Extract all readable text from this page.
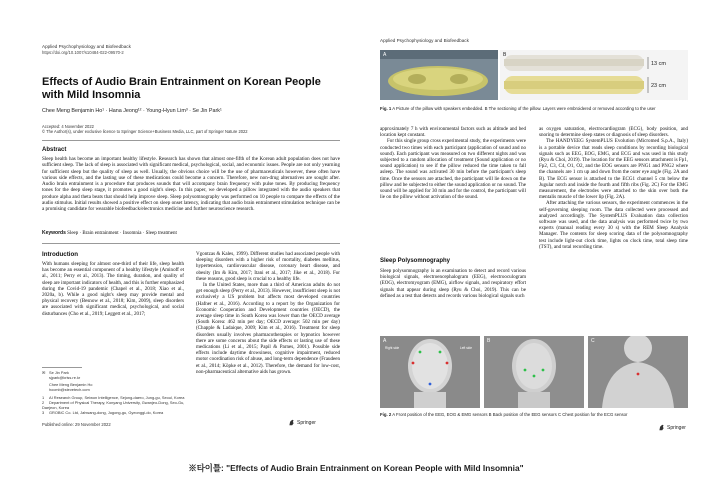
Applied Psychophysiology and Biofeedback
https://doi.org/10.1007/s10484-022-09570-2
Effects of Audio Brain Entrainment on Korean People with Mild Insomnia
Chee Meng Benjamin Ho¹ · Hana Jeong¹² · Young-Hyun Lim³ · Se Jin Park¹
Accepted: 4 November 2022
© The Author(s), under exclusive licence to Springer Science+Business Media, LLC, part of Springer Nature 2022
Abstract
Sleep health has become an important healthy lifestyle. Research has shown that almost one-fifth of the Korean adult population does not have sufficient sleep. The lack of sleep is associated with significant medical, psychological, social, and economic issues. People are not only yearning for sufficient sleep but the quality of sleep as well. Usually, the obvious choice will be the use of pharmaceuticals however, these often have various side effects, and the lasting use of these medications could become a concern. Therefore, new non-drug alternatives are sought after. Audio brain entrainment is a procedure that produces sounds that will accompany brain frequency with pulse tones. By producing frequency tones for the deep sleep stage, it promotes a good night's sleep. In this paper, we developed a pillow integrated with the audio speakers that produce alpha and theta beats that should help improve sleep. Sleep polysomnography was performed on 10 people to compare the effects of the audio stimulus. Initial results showed a positive effect on sleep onset latency, indicating that audio brain entrainment stimulation technique can be a promising candidate for wearable biofeedback/electronics medicine and further neuroscience research.
Keywords Sleep · Brain entrainment · Insomnia · Sleep treatment
Introduction

With humans sleeping for almost one-third of their life, sleep health has become an essential component of a healthy lifestyle (Aminoff et al., 2011; Perry et al., 2013). The timing, duration, and quality of sleep are important indicators of health, and this is further emphasized during the Covid-19 pandemic (Chapel et al., 2018; Xiao et al., 2020a, b). While a good night's sleep may provide mental and physical recovery (Besnow et al., 2018; Kim, 2009), sleep disorders are associated with significant medical, psychological, and social disturbances (Cho et al., 2019; Leggett et al., 2017;

Vgontzas & Kales, 1999). Different studies had associated people with sleeping disorders with a higher risk of mortality, diabetes mellitus, hypertension, cardiovascular disease, coronary heart disease, and obesity (Im & Kim, 2017; Itani et al., 2017; Jike et al., 2018). For these reasons, good sleep is crucial to a healthy life.

In the United States, more than a third of American adults do not get enough sleep (Perry et al., 2013). However, insufficient sleep is not exclusively a US problem but affects most developed countries (Hafner et al., 2016). According to a report by the Organization for Economic Cooperation and Development countries (OECD), the average sleep time in South Korea was lower than the OECD average (South Korea: 462 min per day; OECD average: 502 min per day) (Chapple & Ladaique, 2009; Kim et al., 2016). Treatment for sleep disorders usually involves pharmacotherapies or hypnotics however there are some concerns about the side effects or lasting use of these medications (Li et al., 2015; Papil & Parnes, 2001). Possible side effects include daytime drowsiness, cognitive impairment, reduced motor coordination risk of abuse, and long-term dependence (Fraudeen et al., 2014; Köpke et al., 2012). Therefore, the demand for low-cost, non-pharmaceutical alternative aids has grown.

✉ Se Jin Park
sjpark@kriss.re.kr
Chee Meng Benjamin Ho
hocmb@stevetech.com
1 AI Research Group, Seiwon Intelligence, Sejong-daero, Jung-gu, Seoul, Korea
2 Department of Physical Therapy, Konyang University, Gwanjeo-Dong, Seo-Gu, Daejeon, Korea
3 GROBIC Co. Ltd, Jahwang-dong, Jugong-gu, Gyeonggi-do, Korea
Published online: 29 November 2022	Springer
Applied Psychophysiology and Biofeedback
A
13 cm
23 cm
B
Fig. 1 A Picture of the pillow with speakers embedded. B The sectioning of the pillow. Layers were embroidered or removed according to the user

approximately 7 h with environmental factors such as altitude and bed location kept constant.

For this single group cross experimental study, the experiments were conducted two times with each participant (application of sound and no sound). Each participant was measured on two different nights and was subjected to a random allocation of treatment (Sound application or no sound application) to see if the pillow reduced the time taken to fall asleep. The sound was activated 30 min before the participant's sleep time. Once the sensors are attached, the participant will lie down on the pillow and be subjected to either the sound application or no sound. The sound will be applied for 30 min and for the control, the participant will lie on the pillow without activation of the sound.

Sleep Polysomnography

Sleep polysomnography is an examination to detect and record various biological signals, electroencephalogram (EEG), electrooculogram (EOG), electromyogram (EMG), airflow signals, and respiratory effort signals that appear during sleep (Ryu & Choi, 2019). This can be defined as a test that detects and records various biological signals such

as oxygen saturation, electrocardiogram (ECG), body position, and snoring to determine sleep states or diagnosis of sleep disorders.

The HANDYEEG SystemPLUS Evolution (Micromed S.p.A., Italy) is a portable device that reads sleep conditions by recording biological signals such as EEG, EOG, EMG, and ECG and was used in this study (Ryu & Choi, 2019). The location for the EEG sensors attachment is Fp1, Fp2, C3, C4, O1, O2, and the EOG sensors are PNG1 and PNG2 where the channels are 1 cm up and down from the outer eye angle (Fig. 2A and B). The ECG sensor is attached to the ECG1 channel 5 cm below the Jugular notch and inside the fourth and fifth ribs (Fig. 2C) For the EMG measurement, the electrodes were attached to the skin over both the mentalis muscle of the lower lip (Fig. 2A).

After attaching the various sensors, the experiment commences in the self-governing sleeping room. The data collected were processed and analyzed accordingly. The SystemPLUS Evaluation data collection software was used, and the data analysis was performed twice by two experts (manual reading every 30 s) with the REM Sleep Analysis Manager. The contents for sleep scoring data of the polysomnography test include light-out clock time, lights on clock time, total sleep time (TST), and total recording time.

A
Right side	Left side
B	C
Fig. 2 A Front position of the EEG, EOG & EMG sensors B Back position of the EEG sensors C Chest position for the ECG sensor
Springer
※타이틀: "Effects of Audio Brain Entrainment on Korean People with Mild Insomnia"
